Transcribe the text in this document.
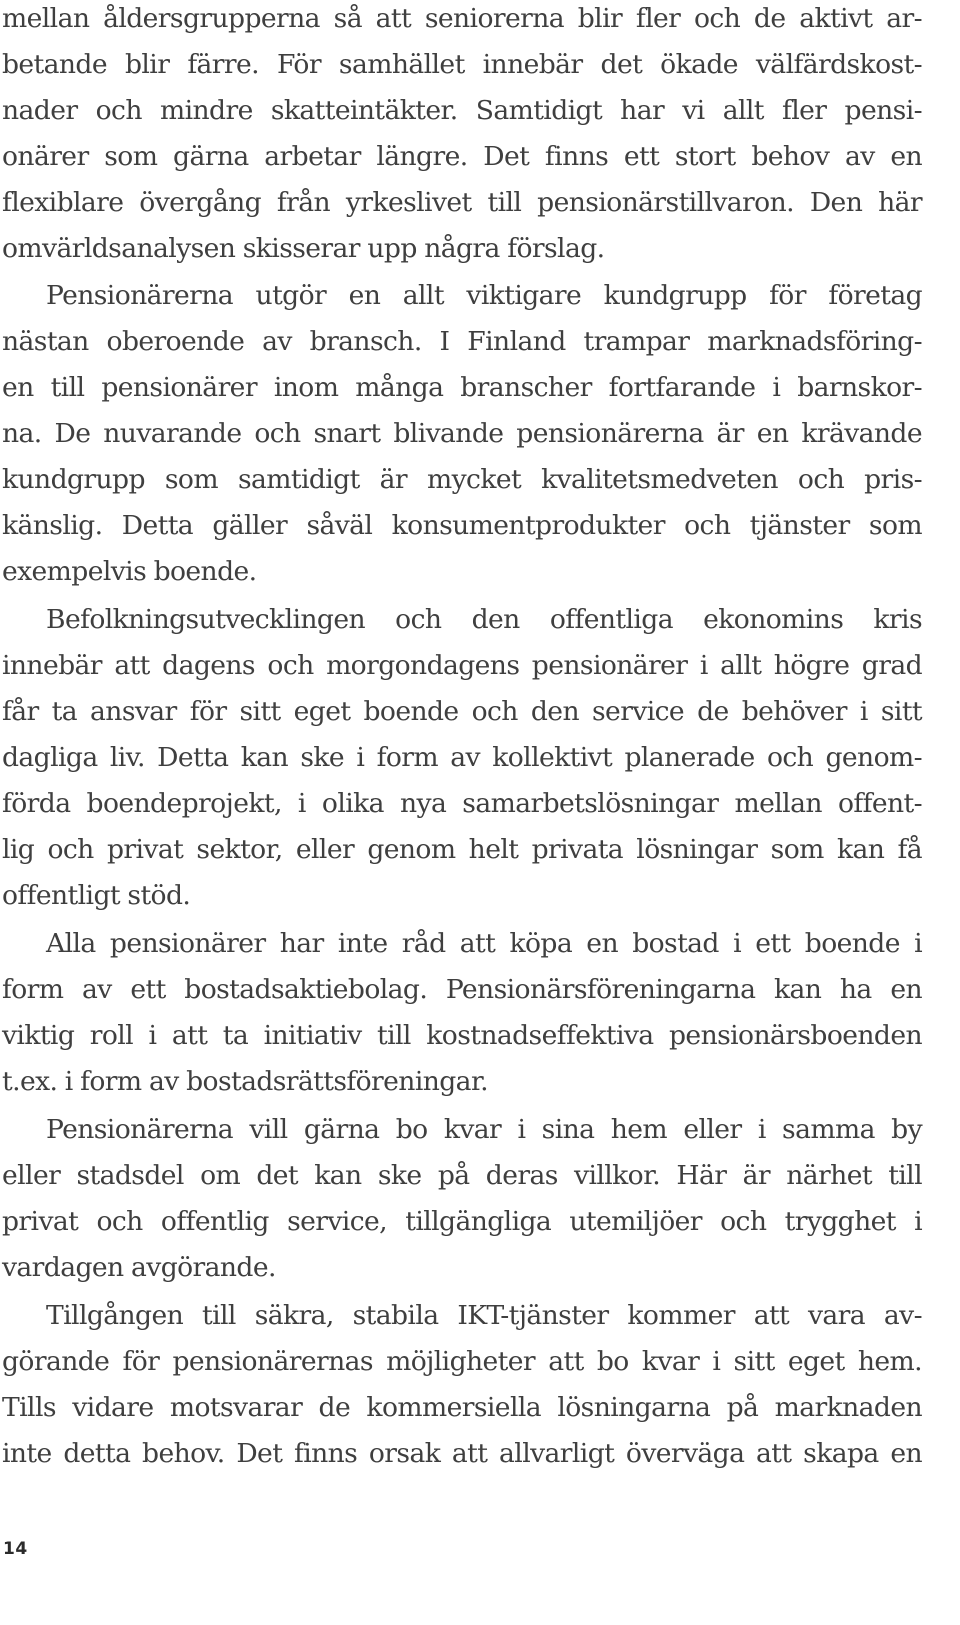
mellan åldersgrupperna så att seniorerna blir fler och de aktivt ar-
betande blir färre. För samhället innebär det ökade välfärdskost-
nader och mindre skatteintäkter. Samtidigt har vi allt fler pensi-
onärer som gärna arbetar längre. Det finns ett stort behov av en
flexiblare övergång från yrkeslivet till pensionärstillvaron. Den här
omvärldsanalysen skisserar upp några förslag.
Pensionärerna utgör en allt viktigare kundgrupp för företag
nästan oberoende av bransch. I Finland trampar marknadsföring-
en till pensionärer inom många branscher fortfarande i barnskor-
na. De nuvarande och snart blivande pensionärerna är en krävande
kundgrupp som samtidigt är mycket kvalitetsmedveten och pris-
känslig. Detta gäller såväl konsumentprodukter och tjänster som
exempelvis boende.
Befolkningsutvecklingen och den offentliga ekonomins kris
innebär att dagens och morgondagens pensionärer i allt högre grad
får ta ansvar för sitt eget boende och den service de behöver i sitt
dagliga liv. Detta kan ske i form av kollektivt planerade och genom-
förda boendeprojekt, i olika nya samarbetslösningar mellan offent-
lig och privat sektor, eller genom helt privata lösningar som kan få
offentligt stöd.
Alla pensionärer har inte råd att köpa en bostad i ett boende i
form av ett bostadsaktiebolag. Pensionärsföreningarna kan ha en
viktig roll i att ta initiativ till kostnadseffektiva pensionärsboenden
t.ex. i form av bostadsrättsföreningar.
Pensionärerna vill gärna bo kvar i sina hem eller i samma by
eller stadsdel om det kan ske på deras villkor. Här är närhet till
privat och offentlig service, tillgängliga utemiljöer och trygghet i
vardagen avgörande.
Tillgången till säkra, stabila IKT-tjänster kommer att vara av-
görande för pensionärernas möjligheter att bo kvar i sitt eget hem.
Tills vidare motsvarar de kommersiella lösningarna på marknaden
inte detta behov. Det finns orsak att allvarligt överväga att skapa en
14
